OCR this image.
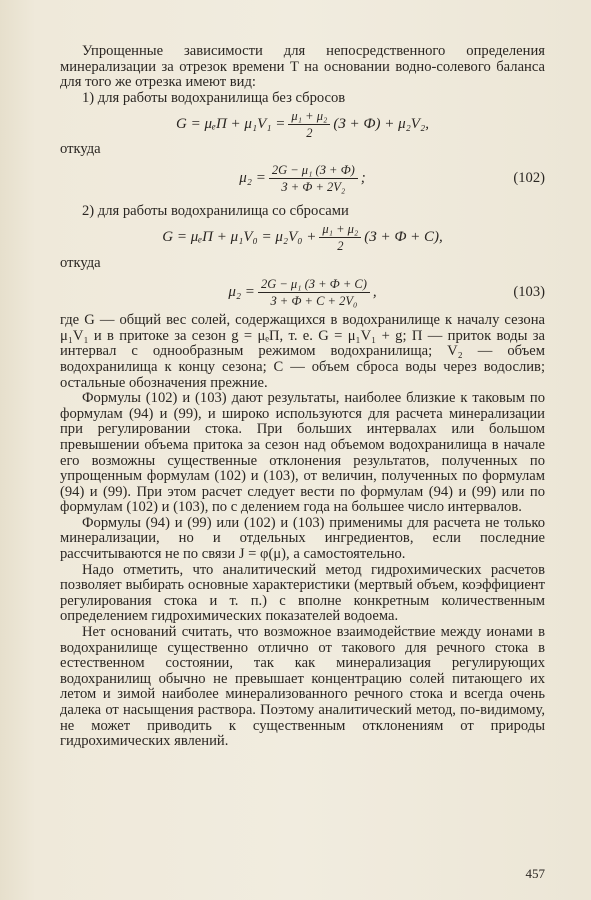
Упрощенные зависимости для непосредственного определения минерализации за отрезок времени T на основании водно-солевого баланса для того же отрезка имеют вид:

1) для работы водохранилища без сбросов

$G = \mu_eП + \mu_1V_1 = \frac{\text{μ₁ + μ₂}}{2} (З + Ф) + \mu_2V_2$,

откуда

$\mu_2 = \frac{\text{2G − μ₁ (З + Ф)}}{\text{З + Ф + 2V₂}}$ ;	(102)

2) для работы водохранилища со сбросами

$G = \mu_eП + \mu_1V_0 = \mu_2V_0 + \frac{\text{μ₁ + μ₂}}{2} (З + Ф + C)$,

откуда

$\mu_2 = \frac{\text{2G − μ₁ (З + Ф + C)}}{\text{З + Ф + C + 2V₀}}$ ,	(103)

где G — общий вес солей, содержащихся в водохранилище к началу сезона μ₁V₁ и в притоке за сезон g = μₑП, т. е. G = μ₁V₁ + g; П — приток воды за интервал с однообразным режимом водохранилища; V₂ — объем водохранилища к концу сезона; C — объем сброса воды через водослив; остальные обозначения прежние.

Формулы (102) и (103) дают результаты, наиболее близкие к таковым по формулам (94) и (99), и широко используются для расчета минерализации при регулировании стока. При больших интервалах или большом превышении объема притока за сезон над объемом водохранилища в начале его возможны существенные отклонения результатов, полученных по упрощенным формулам (102) и (103), от величин, полученных по формулам (94) и (99). При этом расчет следует вести по формулам (94) и (99) или по формулам (102) и (103), по с делением года на большее число интервалов.

Формулы (94) и (99) или (102) и (103) применимы для расчета не только минерализации, но и отдельных ингредиентов, если последние рассчитываются не по связи J = φ(μ), а самостоятельно.

Надо отметить, что аналитический метод гидрохимических расчетов позволяет выбирать основные характеристики (мертвый объем, коэффициент регулирования стока и т. п.) с вполне конкретным количественным определением гидрохимических показателей водоема.

Нет оснований считать, что возможное взаимодействие между ионами в водохранилище существенно отлично от такового для речного стока в естественном состоянии, так как минерализация регулирующих водохранилищ обычно не превышает концентрацию солей питающего их летом и зимой наиболее минерализованного речного стока и всегда очень далека от насыщения раствора. Поэтому аналитический метод, по-видимому, не может приводить к существенным отклонениям от природы гидрохимических явлений.

457
